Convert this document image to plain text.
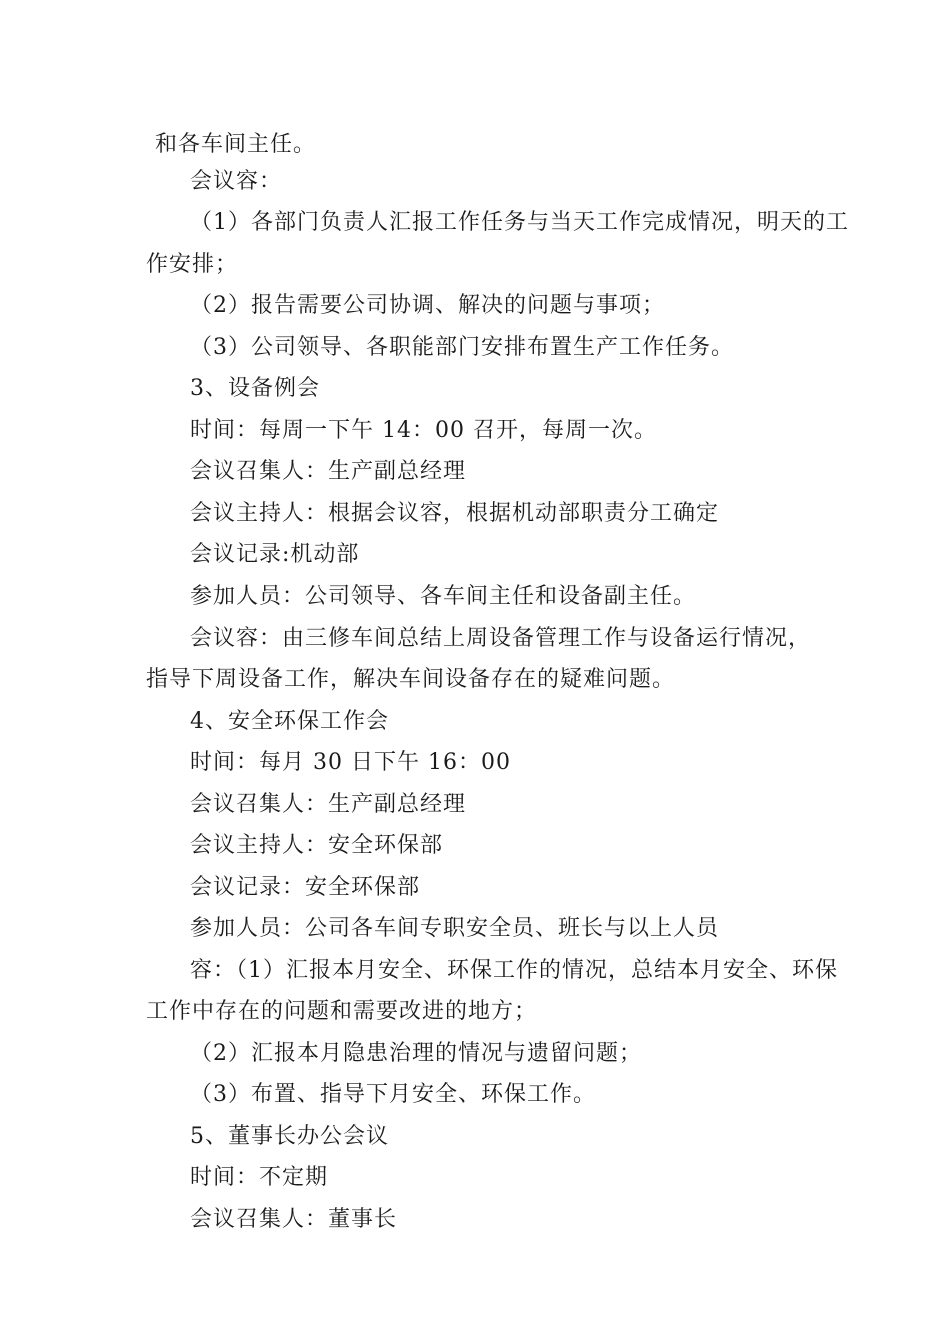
和各车间主任。
会议容：
（1）各部门负责人汇报工作任务与当天工作完成情况，明天的工
作安排；
（2）报告需要公司协调、解决的问题与事项；
（3）公司领导、各职能部门安排布置生产工作任务。
3、设备例会
时间：每周一下午 14：00 召开，每周一次。
会议召集人：生产副总经理
会议主持人：根据会议容，根据机动部职责分工确定
会议记录:机动部
参加人员：公司领导、各车间主任和设备副主任。
会议容：由三修车间总结上周设备管理工作与设备运行情况，
指导下周设备工作，解决车间设备存在的疑难问题。
4、安全环保工作会
时间：每月 30 日下午 16：00
会议召集人：生产副总经理
会议主持人：安全环保部
会议记录：安全环保部
参加人员：公司各车间专职安全员、班长与以上人员
容：（1）汇报本月安全、环保工作的情况，总结本月安全、环保
工作中存在的问题和需要改进的地方；
（2）汇报本月隐患治理的情况与遗留问题；
（3）布置、指导下月安全、环保工作。
5、董事长办公会议
时间：不定期
会议召集人：董事长
